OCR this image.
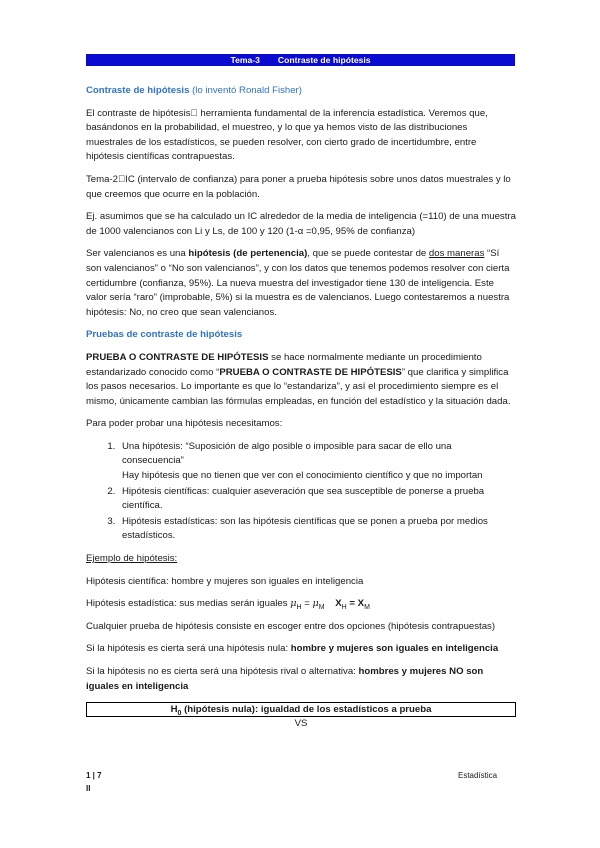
Tema-3 Contraste de hipótesis
Contraste de hipótesis (lo inventó Ronald Fisher)

El contraste de hipótesis  herramienta fundamental de la inferencia estadística. Veremos que, basándonos en la probabilidad, el muestreo, y lo que ya hemos visto de las distribuciones muestrales de los estadísticos, se pueden resolver, con cierto grado de incertidumbre, entre hipótesis científicas contrapuestas.

Tema-2 IC (intervalo de confianza) para poner a prueba hipótesis sobre unos datos muestrales y lo que creemos que ocurre en la población.

Ej. asumimos que se ha calculado un IC alrededor de la media de inteligencia (=110) de una muestra de 1000 valencianos con Li y Ls, de 100 y 120 (1-α =0,95, 95% de confianza)

Ser valencianos es una hipótesis (de pertenencia), que se puede contestar de dos maneras “Sí son valencianos” o “No son valencianos”, y con los datos que tenemos podemos resolver con cierta certidumbre (confianza, 95%). La nueva muestra del investigador tiene 130 de inteligencia. Este valor sería “raro” (improbable, 5%) si la muestra es de valencianos. Luego contestaremos a nuestra hipótesis: No, no creo que sean valencianos.

Pruebas de contraste de hipótesis

PRUEBA O CONTRASTE DE HIPÓTESIS se hace normalmente mediante un procedimiento estandarizado conocido como “PRUEBA O CONTRASTE DE HIPÓTESIS” que clarifica y simplifica los pasos necesarios. Lo importante es que lo “estandariza”, y así el procedimiento siempre es el mismo, únicamente cambian las fórmulas empleadas, en función del estadístico y la situación dada.

Para poder probar una hipótesis necesitamos:

1. Una hipótesis: “Suposición de algo posible o imposible para sacar de ello una consecuencia”
Hay hipótesis que no tienen que ver con el conocimiento científico y que no importan
2. Hipótesis científicas: cualquier aseveración que sea susceptible de ponerse a prueba científica.
3. Hipótesis estadísticas: son las hipótesis científicas que se ponen a prueba por medios estadísticos.

Ejemplo de hipótesis:

Hipótesis científica: hombre y mujeres son iguales en inteligencia

Hipótesis estadística: sus medias serán iguales $\mu_H = \mu_M$ $X_H = X_M$

Cualquier prueba de hipótesis consiste en escoger entre dos opciones (hipótesis contrapuestas)

Si la hipótesis es cierta será una hipótesis nula: hombre y mujeres son iguales en inteligencia

Si la hipótesis no es cierta será una hipótesis rival o alternativa: hombres y mujeres NO son iguales en inteligencia

$H_0$ (hipótesis nula): igualdad de los estadísticos a prueba
VS
1 | 7	Estadística
II
